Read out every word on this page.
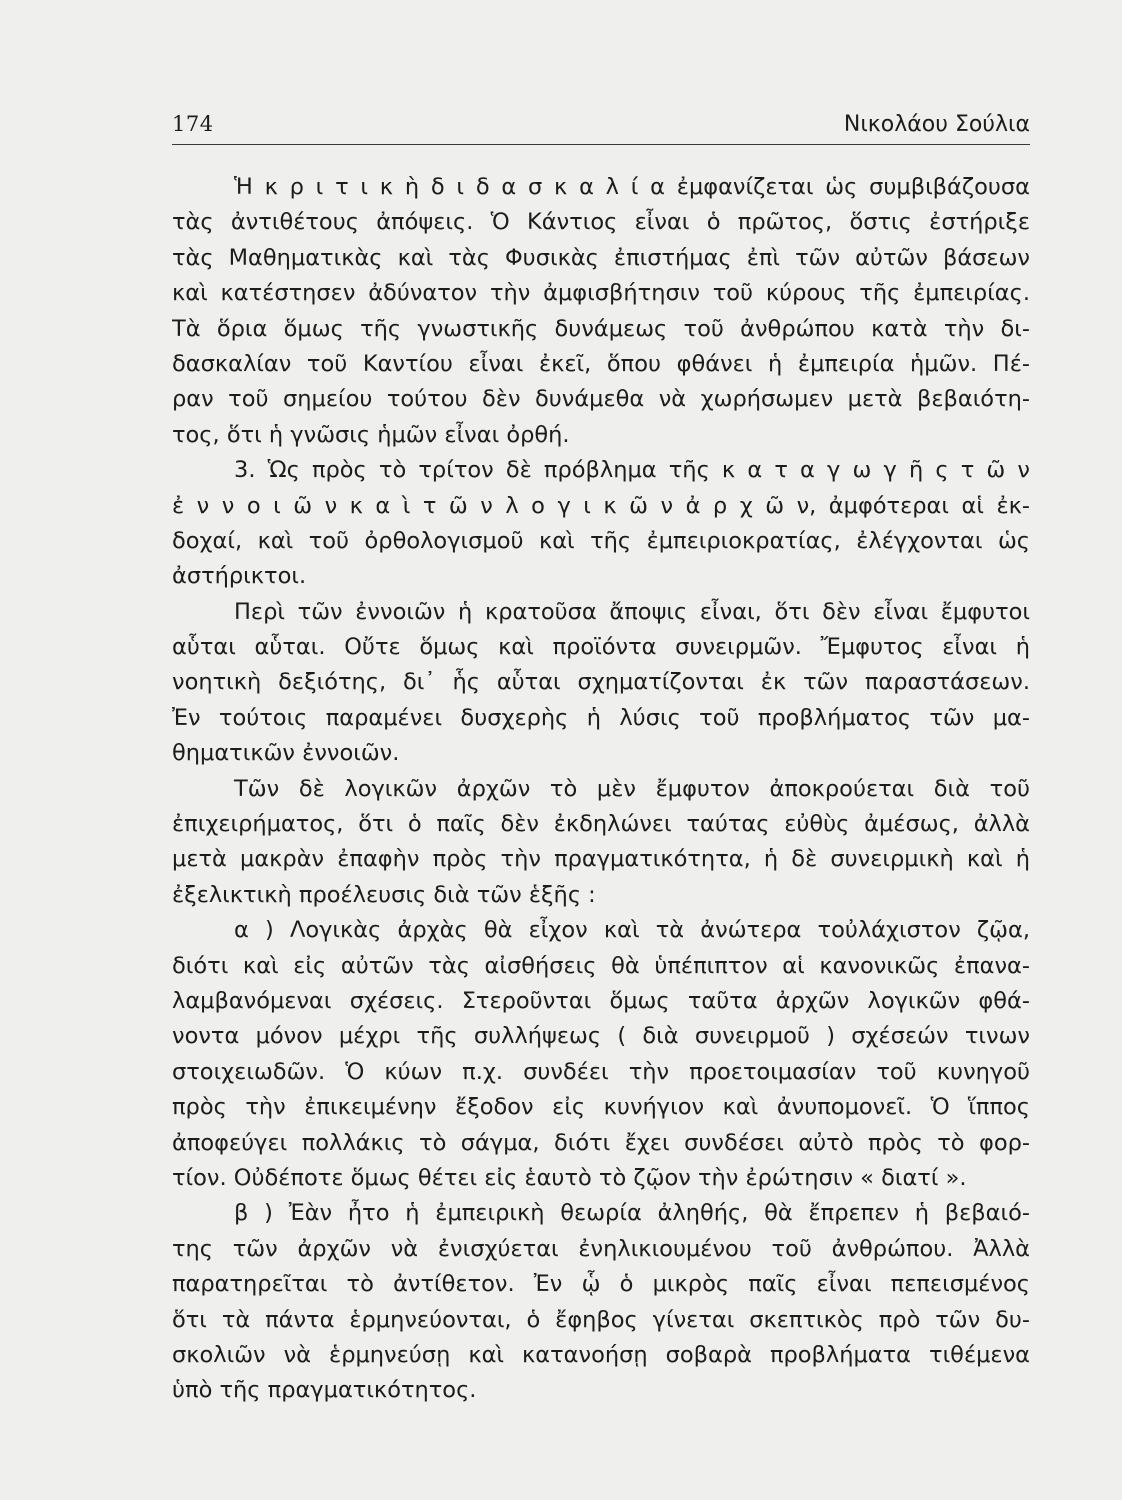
174	Νικολάου Σούλια
Ἡ κ ρ ι τ ι κ ὴ δ ι δ α σ κ α λ ί α ἐμφανίζεται ὡς συμβιβάζουσα
τὰς ἀντιθέτους ἀπόψεις. Ὁ Κάντιος εἶναι ὁ πρῶτος, ὅστις ἐστήριξε
τὰς Μαθηματικὰς καὶ τὰς Φυσικὰς ἐπιστήμας ἐπὶ τῶν αὐτῶν βάσεων
καὶ κατέστησεν ἀδύνατον τὴν ἀμφισβήτησιν τοῦ κύρους τῆς ἐμπειρίας.
Τὰ ὅρια ὅμως τῆς γνωστικῆς δυνάμεως τοῦ ἀνθρώπου κατὰ τὴν δι-
δασκαλίαν τοῦ Καντίου εἶναι ἐκεῖ, ὅπου φθάνει ἡ ἐμπειρία ἡμῶν. Πέ-
ραν τοῦ σημείου τούτου δὲν δυνάμεθα νὰ χωρήσωμεν μετὰ βεβαιότη-
τος, ὅτι ἡ γνῶσις ἡμῶν εἶναι ὀρθή.
3. Ὡς πρὸς τὸ τρίτον δὲ πρόβλημα τῆς κ α τ α γ ω γ ῆ ς τ ῶ ν
ἐ ν ν ο ι ῶ ν κ α ὶ τ ῶ ν λ ο γ ι κ ῶ ν ἀ ρ χ ῶ ν, ἀμφότεραι αἱ ἐκ-
δοχαί, καὶ τοῦ ὀρθολογισμοῦ καὶ τῆς ἐμπειριοκρατίας, ἐλέγχονται ὡς
ἀστήρικτοι.
Περὶ τῶν ἐννοιῶν ἡ κρατοῦσα ἄποψις εἶναι, ὅτι δὲν εἶναι ἔμφυτοι
αὗται αὗται. Οὔτε ὅμως καὶ προϊόντα συνειρμῶν. Ἔμφυτος εἶναι ἡ
νοητικὴ δεξιότης, δι᾽ ἧς αὗται σχηματίζονται ἐκ τῶν παραστάσεων.
Ἐν τούτοις παραμένει δυσχερὴς ἡ λύσις τοῦ προβλήματος τῶν μα-
θηματικῶν ἐννοιῶν.
Τῶν δὲ λογικῶν ἀρχῶν τὸ μὲν ἔμφυτον ἀποκρούεται διὰ τοῦ
ἐπιχειρήματος, ὅτι ὁ παῖς δὲν ἐκδηλώνει ταύτας εὐθὺς ἀμέσως, ἀλλὰ
μετὰ μακρὰν ἐπαφὴν πρὸς τὴν πραγματικότητα, ἡ δὲ συνειρμικὴ καὶ ἡ
ἐξελικτικὴ προέλευσις διὰ τῶν ἑξῆς :
α ) Λογικὰς ἀρχὰς θὰ εἶχον καὶ τὰ ἀνώτερα τοὐλάχιστον ζῷα,
διότι καὶ εἰς αὐτῶν τὰς αἰσθήσεις θὰ ὑπέπιπτον αἱ κανονικῶς ἐπανα-
λαμβανόμεναι σχέσεις. Στεροῦνται ὅμως ταῦτα ἀρχῶν λογικῶν φθά-
νοντα μόνον μέχρι τῆς συλλήψεως ( διὰ συνειρμοῦ ) σχέσεών τινων
στοιχειωδῶν. Ὁ κύων π.χ. συνδέει τὴν προετοιμασίαν τοῦ κυνηγοῦ
πρὸς τὴν ἐπικειμένην ἔξοδον εἰς κυνήγιον καὶ ἀνυπομονεῖ. Ὁ ἵππος
ἀποφεύγει πολλάκις τὸ σάγμα, διότι ἔχει συνδέσει αὐτὸ πρὸς τὸ φορ-
τίον. Οὐδέποτε ὅμως θέτει εἰς ἑαυτὸ τὸ ζῷον τὴν ἐρώτησιν « διατί ».
β ) Ἐὰν ἦτο ἡ ἐμπειρικὴ θεωρία ἀληθής, θὰ ἔπρεπεν ἡ βεβαιό-
της τῶν ἀρχῶν νὰ ἐνισχύεται ἐνηλικιουμένου τοῦ ἀνθρώπου. Ἀλλὰ
παρατηρεῖται τὸ ἀντίθετον. Ἐν ᾧ ὁ μικρὸς παῖς εἶναι πεπεισμένος
ὅτι τὰ πάντα ἑρμηνεύονται, ὁ ἔφηβος γίνεται σκεπτικὸς πρὸ τῶν δυ-
σκολιῶν νὰ ἑρμηνεύσῃ καὶ κατανοήσῃ σοβαρὰ προβλήματα τιθέμενα
ὑπὸ τῆς πραγματικότητος.
